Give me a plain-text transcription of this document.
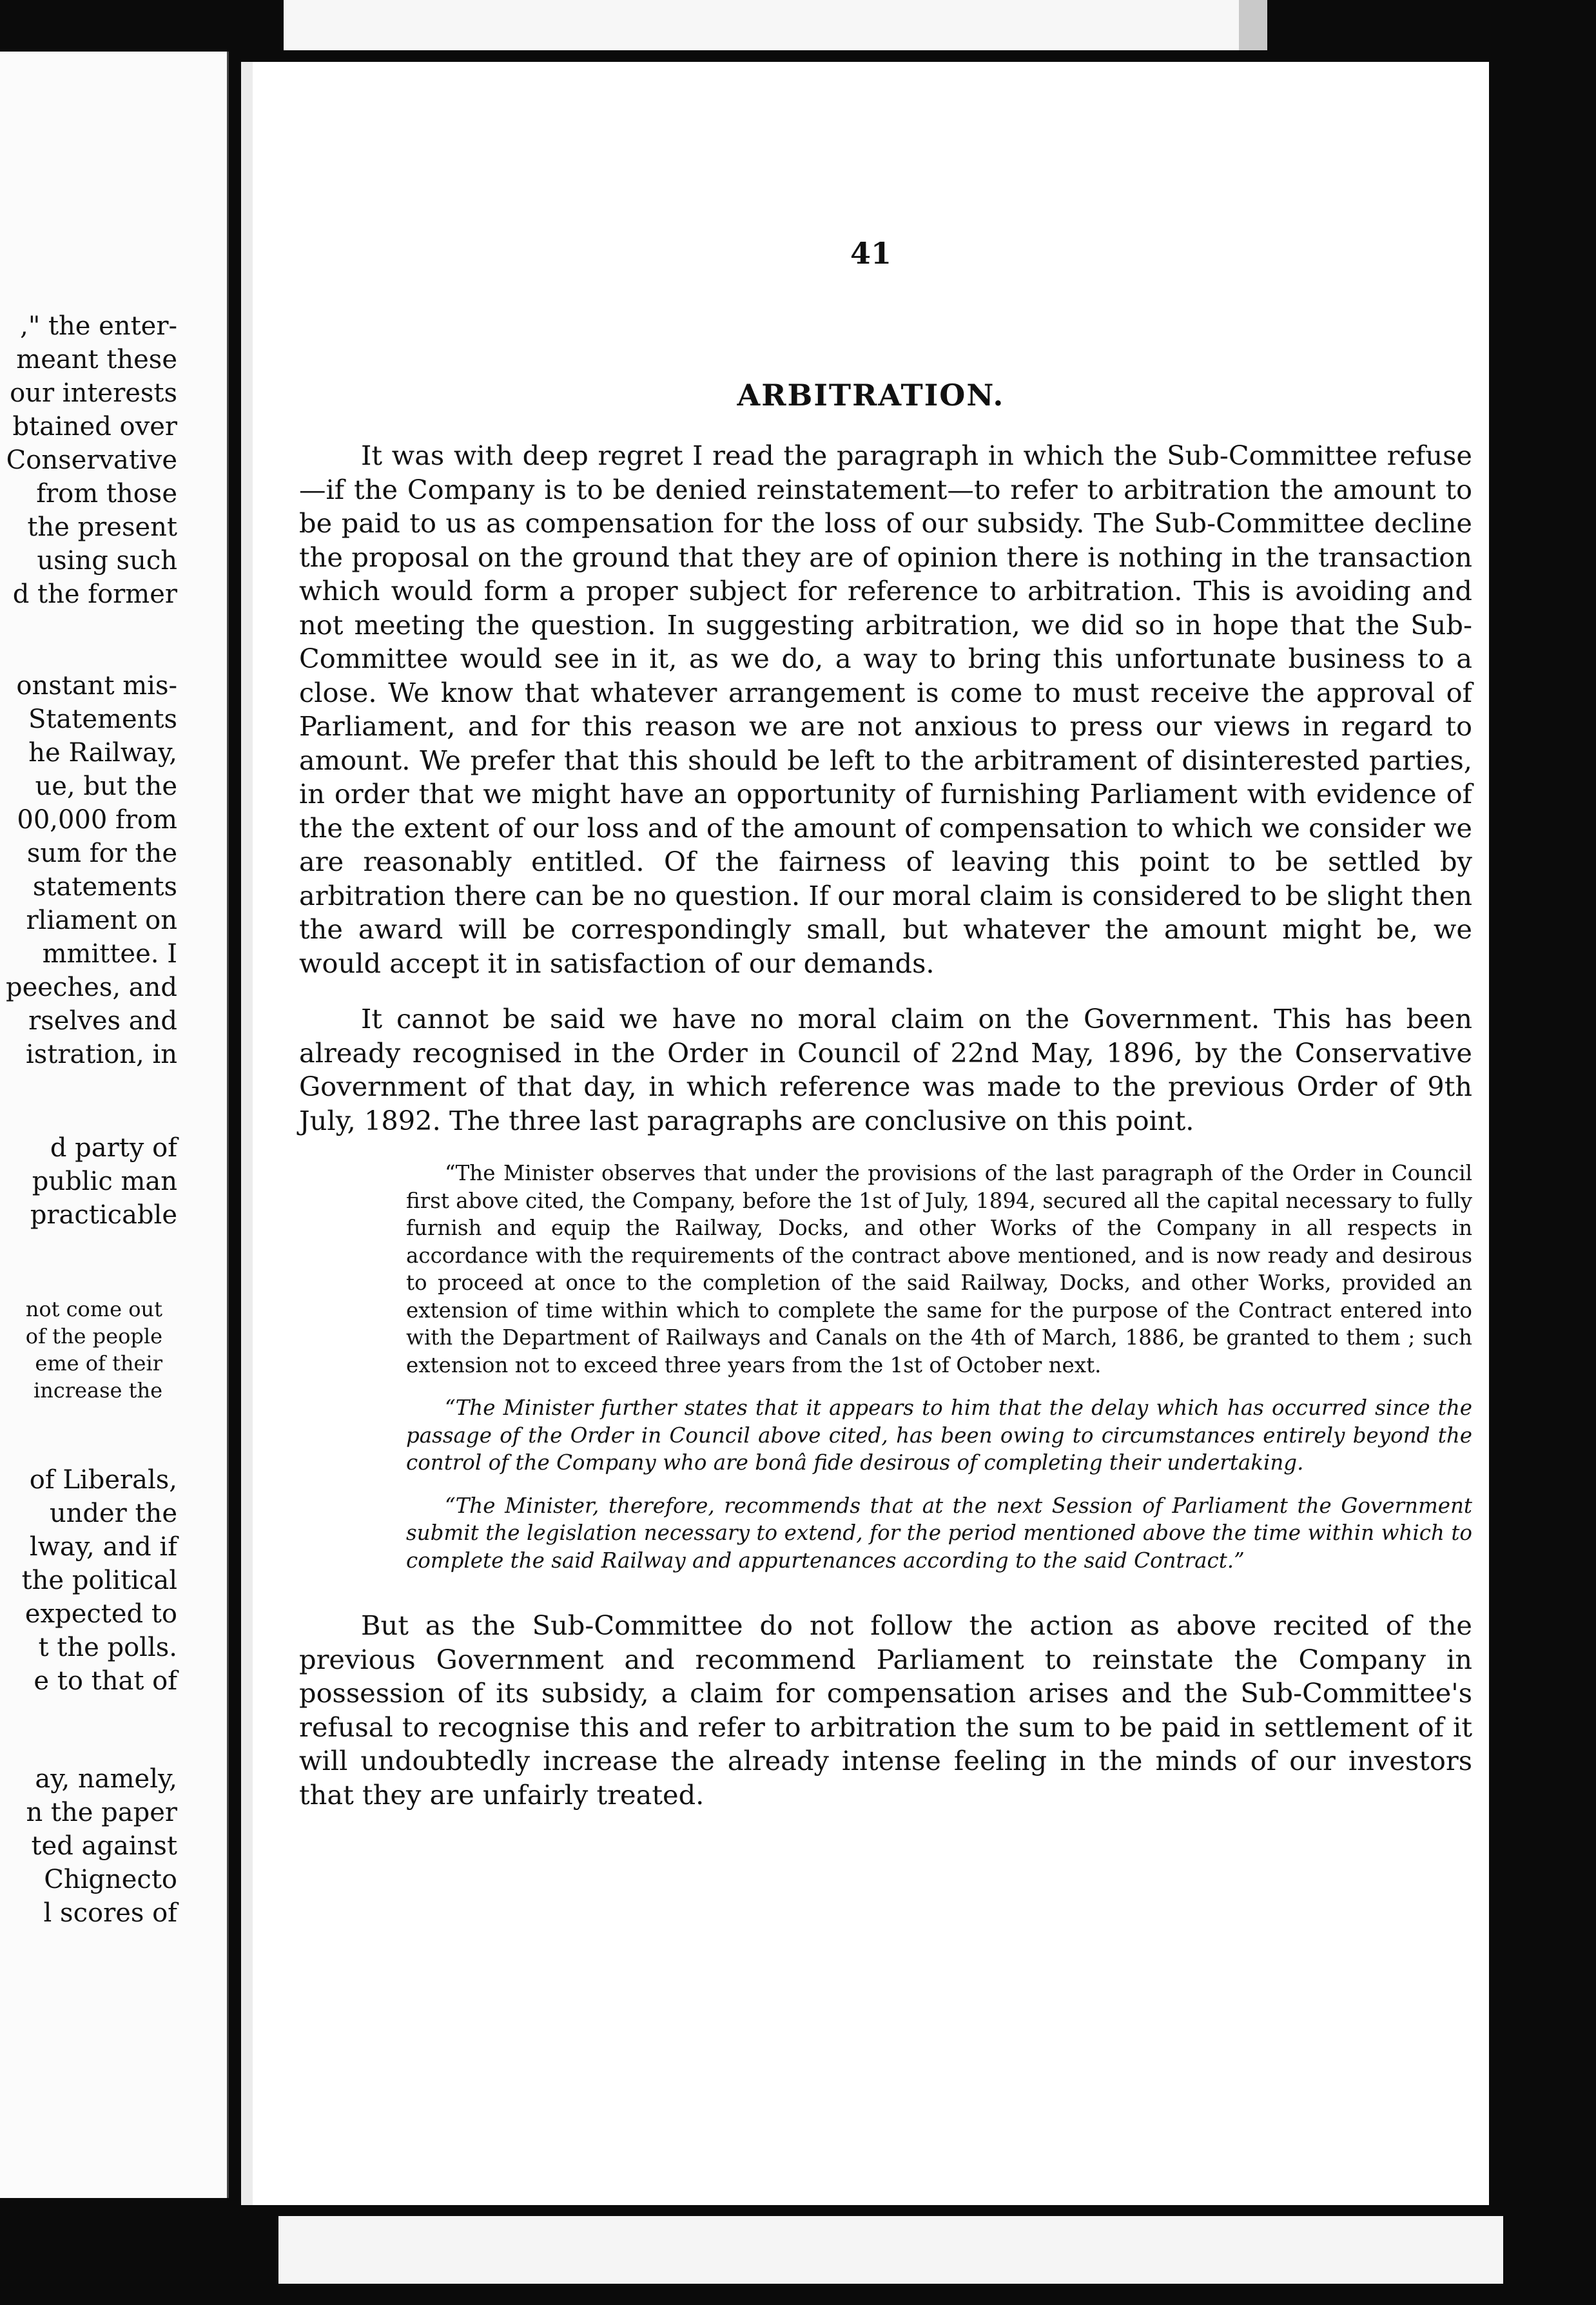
," the enter-

meant these

our interests

btained over

Conservative

from those

the present

using such

d the former

onstant mis-

Statements

he Railway,

ue, but the

00,000 from

sum for the

statements

rliament on

mmittee. I

peeches, and

rselves and

istration, in

d party of

public man

practicable

not come out

of the people

eme of their

increase the

of Liberals,

under the

lway, and if

the political

expected to

t the polls.

e to that of

ay, namely,

n the paper

ted against

Chignecto

l scores of

41

ARBITRATION.

It was with deep regret I read the paragraph in which the Sub-Committee refuse—if the Company is to be denied reinstatement—to refer to arbitration the amount to be paid to us as compensation for the loss of our subsidy. The Sub-Committee decline the proposal on the ground that they are of opinion there is nothing in the transaction which would form a proper subject for reference to arbitration. This is avoiding and not meeting the question. In suggesting arbitration, we did so in hope that the Sub-Committee would see in it, as we do, a way to bring this unfortunate business to a close. We know that whatever arrangement is come to must receive the approval of Parliament, and for this reason we are not anxious to press our views in regard to amount. We prefer that this should be left to the arbitrament of disinterested parties, in order that we might have an opportunity of furnishing Parliament with evidence of the the extent of our loss and of the amount of compensation to which we consider we are reasonably entitled. Of the fairness of leaving this point to be settled by arbitration there can be no question. If our moral claim is considered to be slight then the award will be correspondingly small, but whatever the amount might be, we would accept it in satisfaction of our demands.

It cannot be said we have no moral claim on the Government. This has been already recognised in the Order in Council of 22nd May, 1896, by the Conservative Government of that day, in which reference was made to the previous Order of 9th July, 1892. The three last paragraphs are conclusive on this point.

“The Minister observes that under the provisions of the last paragraph of the Order in Council first above cited, the Company, before the 1st of July, 1894, secured all the capital necessary to fully furnish and equip the Railway, Docks, and other Works of the Company in all respects in accordance with the requirements of the contract above mentioned, and is now ready and desirous to proceed at once to the completion of the said Railway, Docks, and other Works, provided an extension of time within which to complete the same for the purpose of the Contract entered into with the Department of Railways and Canals on the 4th of March, 1886, be granted to them ; such extension not to exceed three years from the 1st of October next.

“The Minister further states that it appears to him that the delay which has occurred since the passage of the Order in Council above cited, has been owing to circumstances entirely beyond the control of the Company who are bonâ fide desirous of completing their undertaking.

“The Minister, therefore, recommends that at the next Session of Parliament the Government submit the legislation necessary to extend, for the period mentioned above the time within which to complete the said Railway and appurtenances according to the said Contract.”

But as the Sub-Committee do not follow the action as above recited of the previous Government and recommend Parliament to reinstate the Company in possession of its subsidy, a claim for compensation arises and the Sub-Committee's refusal to recognise this and refer to arbitration the sum to be paid in settlement of it will undoubtedly increase the already intense feeling in the minds of our investors that they are unfairly treated.
